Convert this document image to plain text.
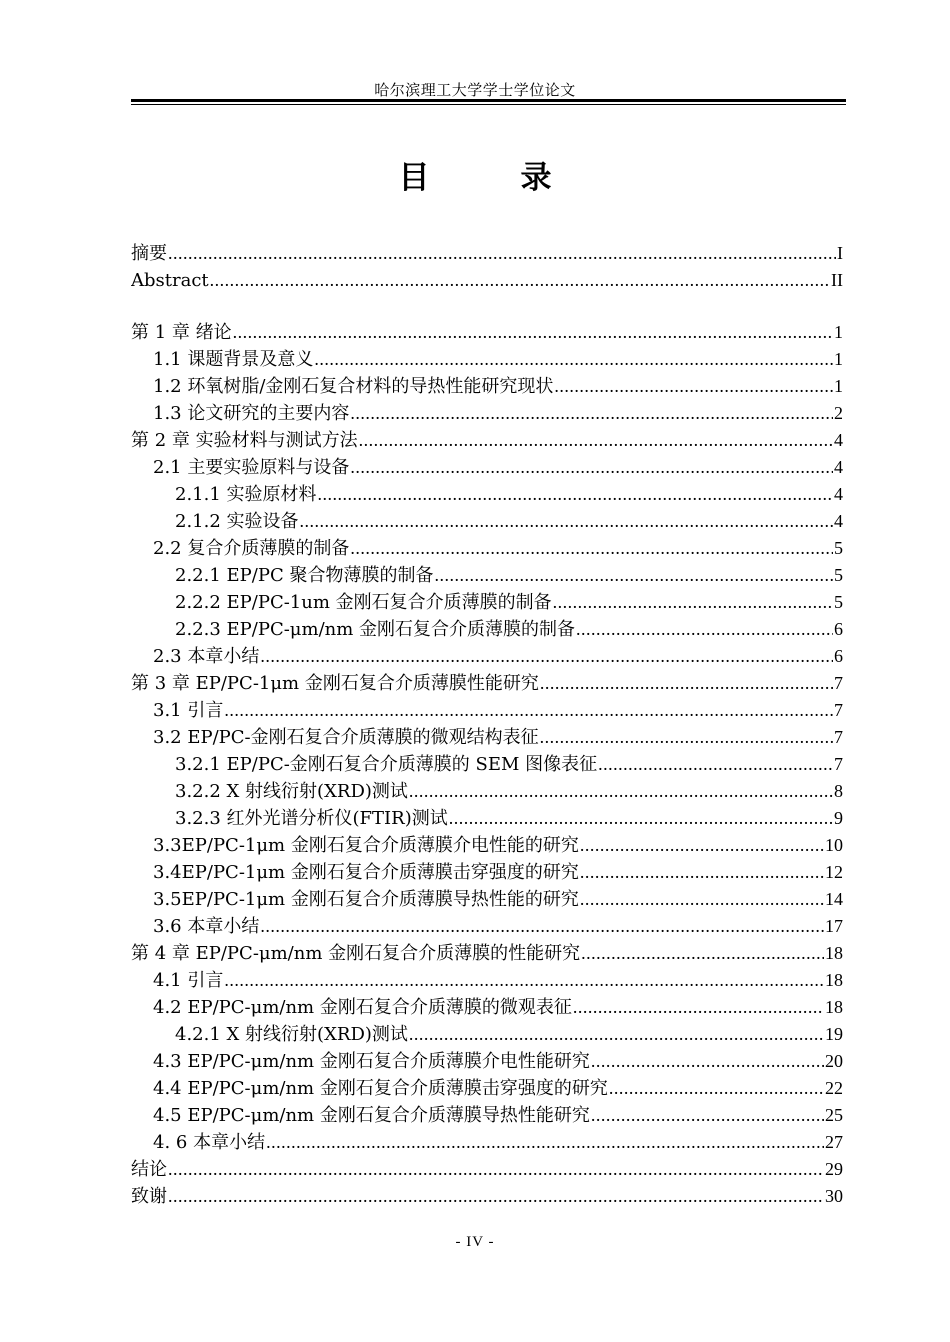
哈尔滨理工大学学士学位论文
目　录
摘要 .....	I
Abstract .....	II
第 1 章 绪论 .....	1
1.1 课题背景及意义 .....	1
1.2 环氧树脂/金刚石复合材料的导热性能研究现状 .....	1
1.3 论文研究的主要内容 .....	2
第 2 章 实验材料与测试方法 .....	4
2.1 主要实验原料与设备 .....	4
2.1.1 实验原材料 .....	4
2.1.2 实验设备 .....	4
2.2 复合介质薄膜的制备 .....	5
2.2.1 EP/PC 聚合物薄膜的制备 .....	5
2.2.2 EP/PC-1um 金刚石复合介质薄膜的制备 .....	5
2.2.3 EP/PC-μm/nm 金刚石复合介质薄膜的制备 .....	6
2.3 本章小结 .....	6
第 3 章 EP/PC-1μm 金刚石复合介质薄膜性能研究 .....	7
3.1 引言 .....	7
3.2 EP/PC-金刚石复合介质薄膜的微观结构表征 .....	7
3.2.1 EP/PC-金刚石复合介质薄膜的 SEM 图像表征 .....	7
3.2.2 X 射线衍射(XRD)测试 .....	8
3.2.3 红外光谱分析仪(FTIR)测试 .....	9
3.3EP/PC-1μm 金刚石复合介质薄膜介电性能的研究 .....	10
3.4EP/PC-1μm 金刚石复合介质薄膜击穿强度的研究 .....	12
3.5EP/PC-1μm 金刚石复合介质薄膜导热性能的研究 .....	14
3.6 本章小结 .....	17
第 4 章 EP/PC-μm/nm 金刚石复合介质薄膜的性能研究 .....	18
4.1 引言 .....	18
4.2 EP/PC-μm/nm 金刚石复合介质薄膜的微观表征 .....	18
4.2.1 X 射线衍射(XRD)测试 .....	19
4.3 EP/PC-μm/nm 金刚石复合介质薄膜介电性能研究 .....	20
4.4 EP/PC-μm/nm 金刚石复合介质薄膜击穿强度的研究 .....	22
4.5 EP/PC-μm/nm 金刚石复合介质薄膜导热性能研究 .....	25
4. 6 本章小结 .....	27
结论 .....	29
致谢 .....	30
- IV -
